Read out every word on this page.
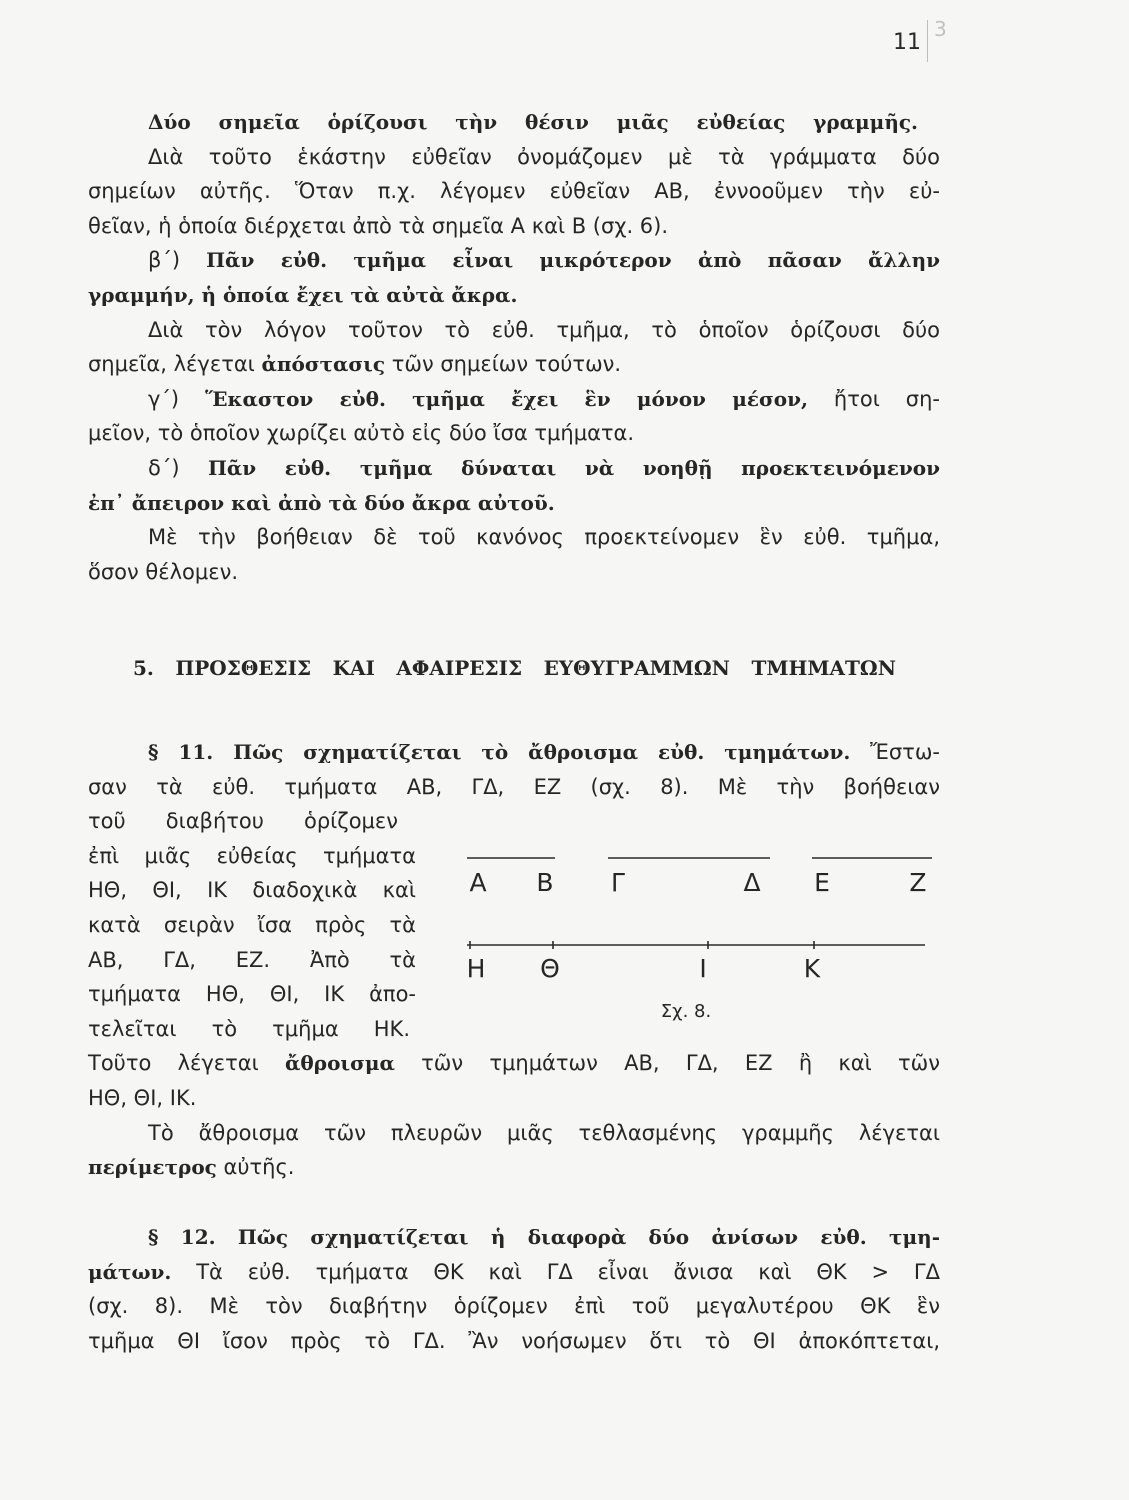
11
3
Δύο σημεῖα ὁρίζουσι τὴν θέσιν μιᾶς εὐθείας γραμμῆς.
Διὰ τοῦτο ἑκάστην εὐθεῖαν ὀνομάζομεν μὲ τὰ γράμματα δύο
σημείων αὐτῆς. Ὅταν π.χ. λέγομεν εὐθεῖαν ΑΒ, ἐννοοῦμεν τὴν εὐ-
θεῖαν, ἡ ὁποία διέρχεται ἀπὸ τὰ σημεῖα Α καὶ Β (σχ. 6).
β΄) Πᾶν εὐθ. τμῆμα εἶναι μικρότερον ἀπὸ πᾶσαν ἄλλην
γραμμήν, ἡ ὁποία ἔχει τὰ αὐτὰ ἄκρα.
Διὰ τὸν λόγον τοῦτον τὸ εὐθ. τμῆμα, τὸ ὁποῖον ὁρίζουσι δύο
σημεῖα, λέγεται ἀπόστασις τῶν σημείων τούτων.
γ΄) Ἕκαστον εὐθ. τμῆμα ἔχει ἓν μόνον μέσον, ἤτοι ση-
μεῖον, τὸ ὁποῖον χωρίζει αὐτὸ εἰς δύο ἴσα τμήματα.
δ΄) Πᾶν εὐθ. τμῆμα δύναται νὰ νοηθῇ προεκτεινόμενον
ἐπ᾽ ἄπειρον καὶ ἀπὸ τὰ δύο ἄκρα αὐτοῦ.
Μὲ τὴν βοήθειαν δὲ τοῦ κανόνος προεκτείνομεν ἓν εὐθ. τμῆμα,
ὅσον θέλομεν.
5. ΠΡΟΣΘΕΣΙΣ ΚΑΙ ΑΦΑΙΡΕΣΙΣ ΕΥΘΥΓΡΑΜΜΩΝ ΤΜΗΜΑΤΩΝ
§ 11. Πῶς σχηματίζεται τὸ ἄθροισμα εὐθ. τμημάτων. Ἔστω-
σαν τὰ εὐθ. τμήματα ΑΒ, ΓΔ, ΕΖ (σχ. 8). Μὲ τὴν βοήθειαν
τοῦ διαβήτου ὁρίζομεν
ἐπὶ μιᾶς εὐθείας τμήματα
ΗΘ, ΘΙ, ΙΚ διαδοχικὰ καὶ
κατὰ σειρὰν ἴσα πρὸς τὰ
ΑΒ, ΓΔ, ΕΖ. Ἀπὸ τὰ
τμήματα ΗΘ, ΘΙ, ΙΚ ἀπο-
τελεῖται τὸ τμῆμα ΗΚ.
Τοῦτο λέγεται ἄθροισμα τῶν τμημάτων ΑΒ, ΓΔ, ΕΖ ἢ καὶ τῶν
ΗΘ, ΘΙ, ΙΚ.
Τὸ ἄθροισμα τῶν πλευρῶν μιᾶς τεθλασμένης γραμμῆς λέγεται
περίμετρος αὐτῆς.
Α Β Γ	Δ Ε	Ζ
Η Θ	Ι	Κ
Σχ. 8.
§ 12. Πῶς σχηματίζεται ἡ διαφορὰ δύο ἀνίσων εὐθ. τμη-
μάτων. Τὰ εὐθ. τμήματα ΘΚ καὶ ΓΔ εἶναι ἄνισα καὶ ΘΚ > ΓΔ
(σχ. 8). Μὲ τὸν διαβήτην ὁρίζομεν ἐπὶ τοῦ μεγαλυτέρου ΘΚ ἓν
τμῆμα ΘΙ ἴσον πρὸς τὸ ΓΔ. Ἂν νοήσωμεν ὅτι τὸ ΘΙ ἀποκόπτεται,
